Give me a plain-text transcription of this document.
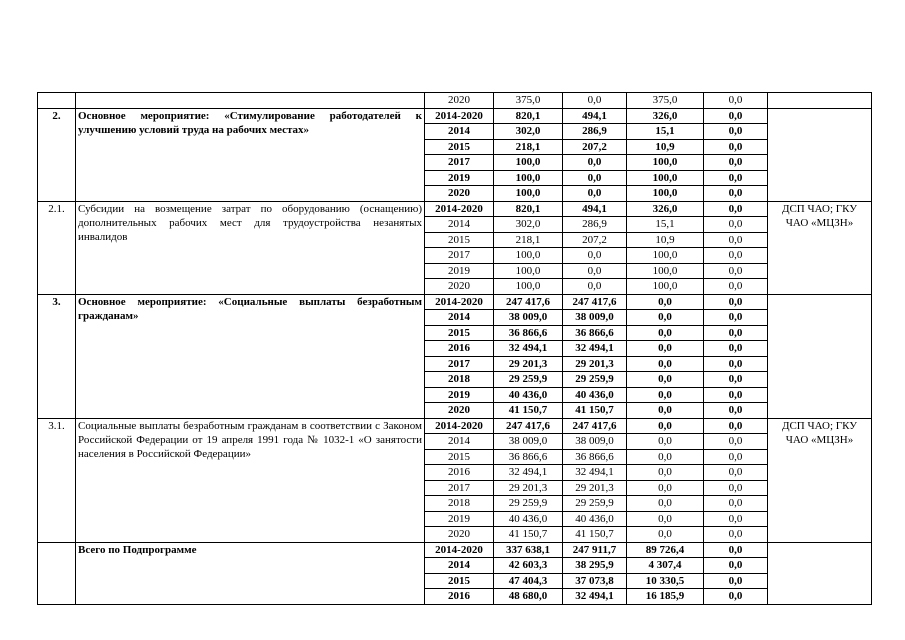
		2020	375,0	0,0	375,0	0,0	
2.	Основное мероприятие: «Стимулирование работодателей к улучшению условий труда на рабочих местах»	2014-2020	820,1	494,1	326,0	0,0	
		2014	302,0	286,9	15,1	0,0	
		2015	218,1	207,2	10,9	0,0	
		2017	100,0	0,0	100,0	0,0	
		2019	100,0	0,0	100,0	0,0	
		2020	100,0	0,0	100,0	0,0	
2.1.	Субсидии на возмещение затрат по оборудованию (оснащению) дополнительных рабочих мест для трудоустройства незанятых инвалидов	2014-2020	820,1	494,1	326,0	0,0	ДСП ЧАО; ГКУ ЧАО «МЦЗН»
		2014	302,0	286,9	15,1	0,0	
		2015	218,1	207,2	10,9	0,0	
		2017	100,0	0,0	100,0	0,0	
		2019	100,0	0,0	100,0	0,0	
		2020	100,0	0,0	100,0	0,0	
3.	Основное мероприятие: «Социальные выплаты безработным гражданам»	2014-2020	247 417,6	247 417,6	0,0	0,0	
		2014	38 009,0	38 009,0	0,0	0,0	
		2015	36 866,6	36 866,6	0,0	0,0	
		2016	32 494,1	32 494,1	0,0	0,0	
		2017	29 201,3	29 201,3	0,0	0,0	
		2018	29 259,9	29 259,9	0,0	0,0	
		2019	40 436,0	40 436,0	0,0	0,0	
		2020	41 150,7	41 150,7	0,0	0,0	
3.1.	Социальные выплаты безработным гражданам в соответствии с Законом Российской Федерации от 19 апреля 1991 года № 1032-1 «О занятости населения в Российской Федерации»	2014-2020	247 417,6	247 417,6	0,0	0,0	ДСП ЧАО; ГКУ ЧАО «МЦЗН»
		2014	38 009,0	38 009,0	0,0	0,0	
		2015	36 866,6	36 866,6	0,0	0,0	
		2016	32 494,1	32 494,1	0,0	0,0	
		2017	29 201,3	29 201,3	0,0	0,0	
		2018	29 259,9	29 259,9	0,0	0,0	
		2019	40 436,0	40 436,0	0,0	0,0	
		2020	41 150,7	41 150,7	0,0	0,0	
	Всего по Подпрограмме	2014-2020	337 638,1	247 911,7	89 726,4	0,0	
		2014	42 603,3	38 295,9	4 307,4	0,0	
		2015	47 404,3	37 073,8	10 330,5	0,0	
		2016	48 680,0	32 494,1	16 185,9	0,0	
